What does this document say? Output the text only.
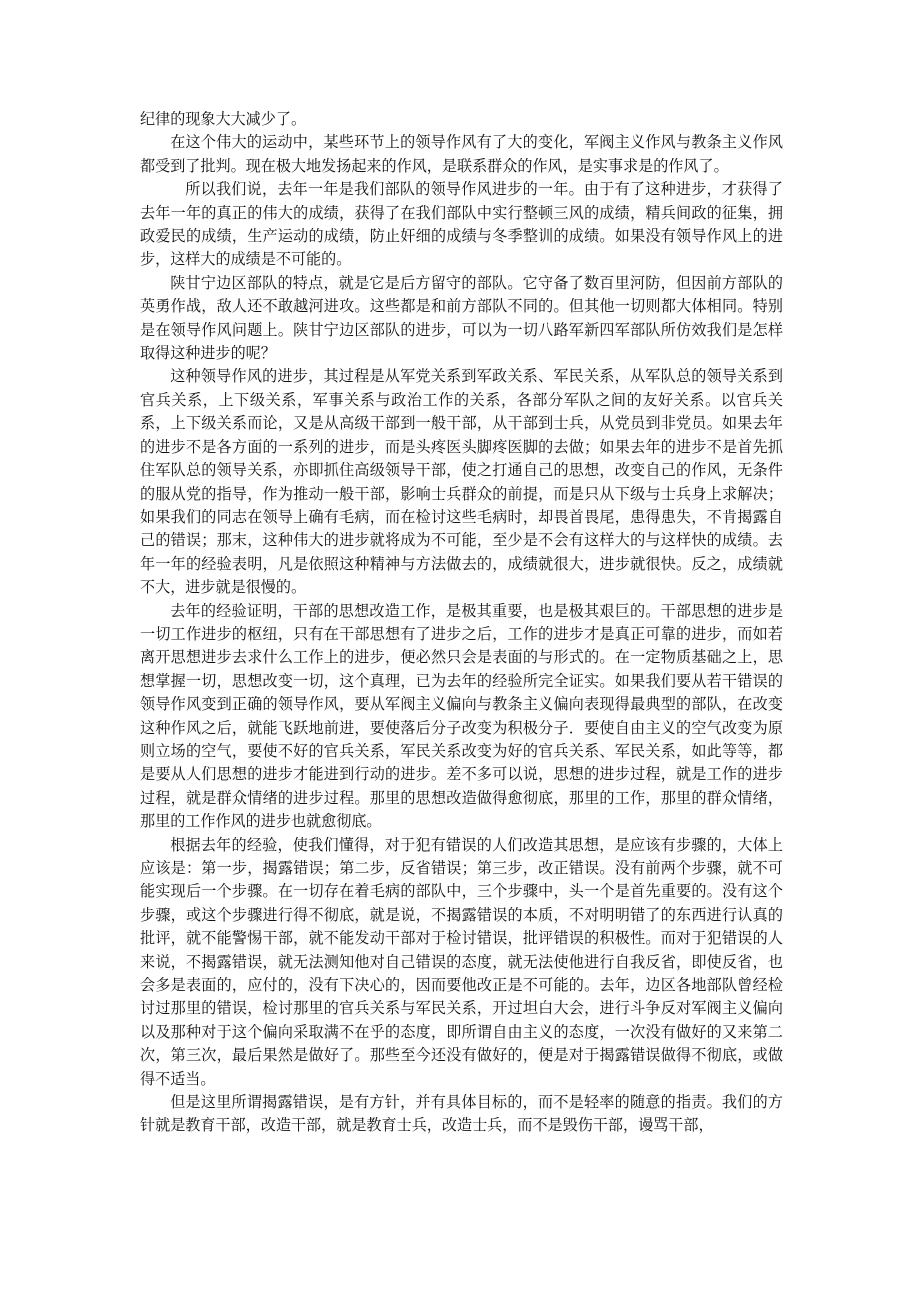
纪律的现象大大减少了。

在这个伟大的运动中，某些环节上的领导作风有了大的变化，军阀主义作风与教条主义作风都受到了批判。现在极大地发扬起来的作风，是联系群众的作风，是实事求是的作风了。

所以我们说，去年一年是我们部队的领导作风进步的一年。由于有了这种进步，才获得了去年一年的真正的伟大的成绩，获得了在我们部队中实行整顿三风的成绩，精兵间政的征集，拥政爱民的成绩，生产运动的成绩，防止奸细的成绩与冬季整训的成绩。如果没有领导作风上的进步，这样大的成绩是不可能的。

陕甘宁边区部队的特点，就是它是后方留守的部队。它守备了数百里河防，但因前方部队的英勇作战，敌人还不敢越河进攻。这些都是和前方部队不同的。但其他一切则都大体相同。特别是在领导作风问题上。陕甘宁边区部队的进步，可以为一切八路军新四军部队所仿效我们是怎样取得这种进步的呢？

这种领导作风的进步，其过程是从军党关系到军政关系、军民关系，从军队总的领导关系到官兵关系，上下级关系，军事关系与政治工作的关系，各部分军队之间的友好关系。以官兵关系，上下级关系而论，又是从高级干部到一般干部，从干部到士兵，从党员到非党员。如果去年的进步不是各方面的一系列的进步，而是头疼医头脚疼医脚的去做；如果去年的进步不是首先抓住军队总的领导关系，亦即抓住高级领导干部，使之打通自己的思想，改变自己的作风，无条件的服从党的指导，作为推动一般干部，影响士兵群众的前提，而是只从下级与士兵身上求解决；如果我们的同志在领导上确有毛病，而在检讨这些毛病时，却畏首畏尾，患得患失，不肯揭露自己的错误；那末，这种伟大的进步就将成为不可能，至少是不会有这样大的与这样快的成绩。去年一年的经验表明，凡是依照这种精神与方法做去的，成绩就很大，进步就很快。反之，成绩就不大，进步就是很慢的。

去年的经验证明，干部的思想改造工作，是极其重要，也是极其艰巨的。干部思想的进步是一切工作进步的枢纽，只有在干部思想有了进步之后，工作的进步才是真正可靠的进步，而如若离开思想进步去求什么工作上的进步，便必然只会是表面的与形式的。在一定物质基础之上，思想掌握一切，思想改变一切，这个真理，已为去年的经验所完全证实。如果我们要从若干错误的领导作风变到正确的领导作风，要从军阀主义偏向与教条主义偏向表现得最典型的部队，在改变这种作风之后，就能飞跃地前进，要使落后分子改变为积极分子．要使自由主义的空气改变为原则立场的空气，要使不好的官兵关系，军民关系改变为好的官兵关系、军民关系，如此等等，都是要从人们思想的进步才能进到行动的进步。差不多可以说，思想的进步过程，就是工作的进步过程，就是群众情绪的进步过程。那里的思想改造做得愈彻底，那里的工作，那里的群众情绪，那里的工作作风的进步也就愈彻底。

根据去年的经验，使我们懂得，对于犯有错误的人们改造其思想，是应该有步骤的，大体上应该是：第一步，揭露错误；第二步，反省错误；第三步，改正错误。没有前两个步骤，就不可能实现后一个步骤。在一切存在着毛病的部队中，三个步骤中，头一个是首先重要的。没有这个步骤，或这个步骤进行得不彻底，就是说，不揭露错误的本质，不对明明错了的东西进行认真的批评，就不能警惕干部，就不能发动干部对于检讨错误，批评错误的积极性。而对于犯错误的人来说，不揭露错误，就无法测知他对自己错误的态度，就无法使他进行自我反省，即使反省，也会多是表面的，应付的，没有下决心的，因而要他改正是不可能的。去年，边区各地部队曾经检讨过那里的错误，检讨那里的官兵关系与军民关系，开过坦白大会，进行斗争反对军阀主义偏向以及那种对于这个偏向采取满不在乎的态度，即所谓自由主义的态度，一次没有做好的又来第二次，第三次，最后果然是做好了。那些至今还没有做好的，便是对于揭露错误做得不彻底，或做得不适当。

但是这里所谓揭露错误，是有方针，并有具体目标的，而不是轻率的随意的指责。我们的方针就是教育干部，改造干部，就是教育士兵，改造士兵，而不是毁伤干部，谩骂干部，
